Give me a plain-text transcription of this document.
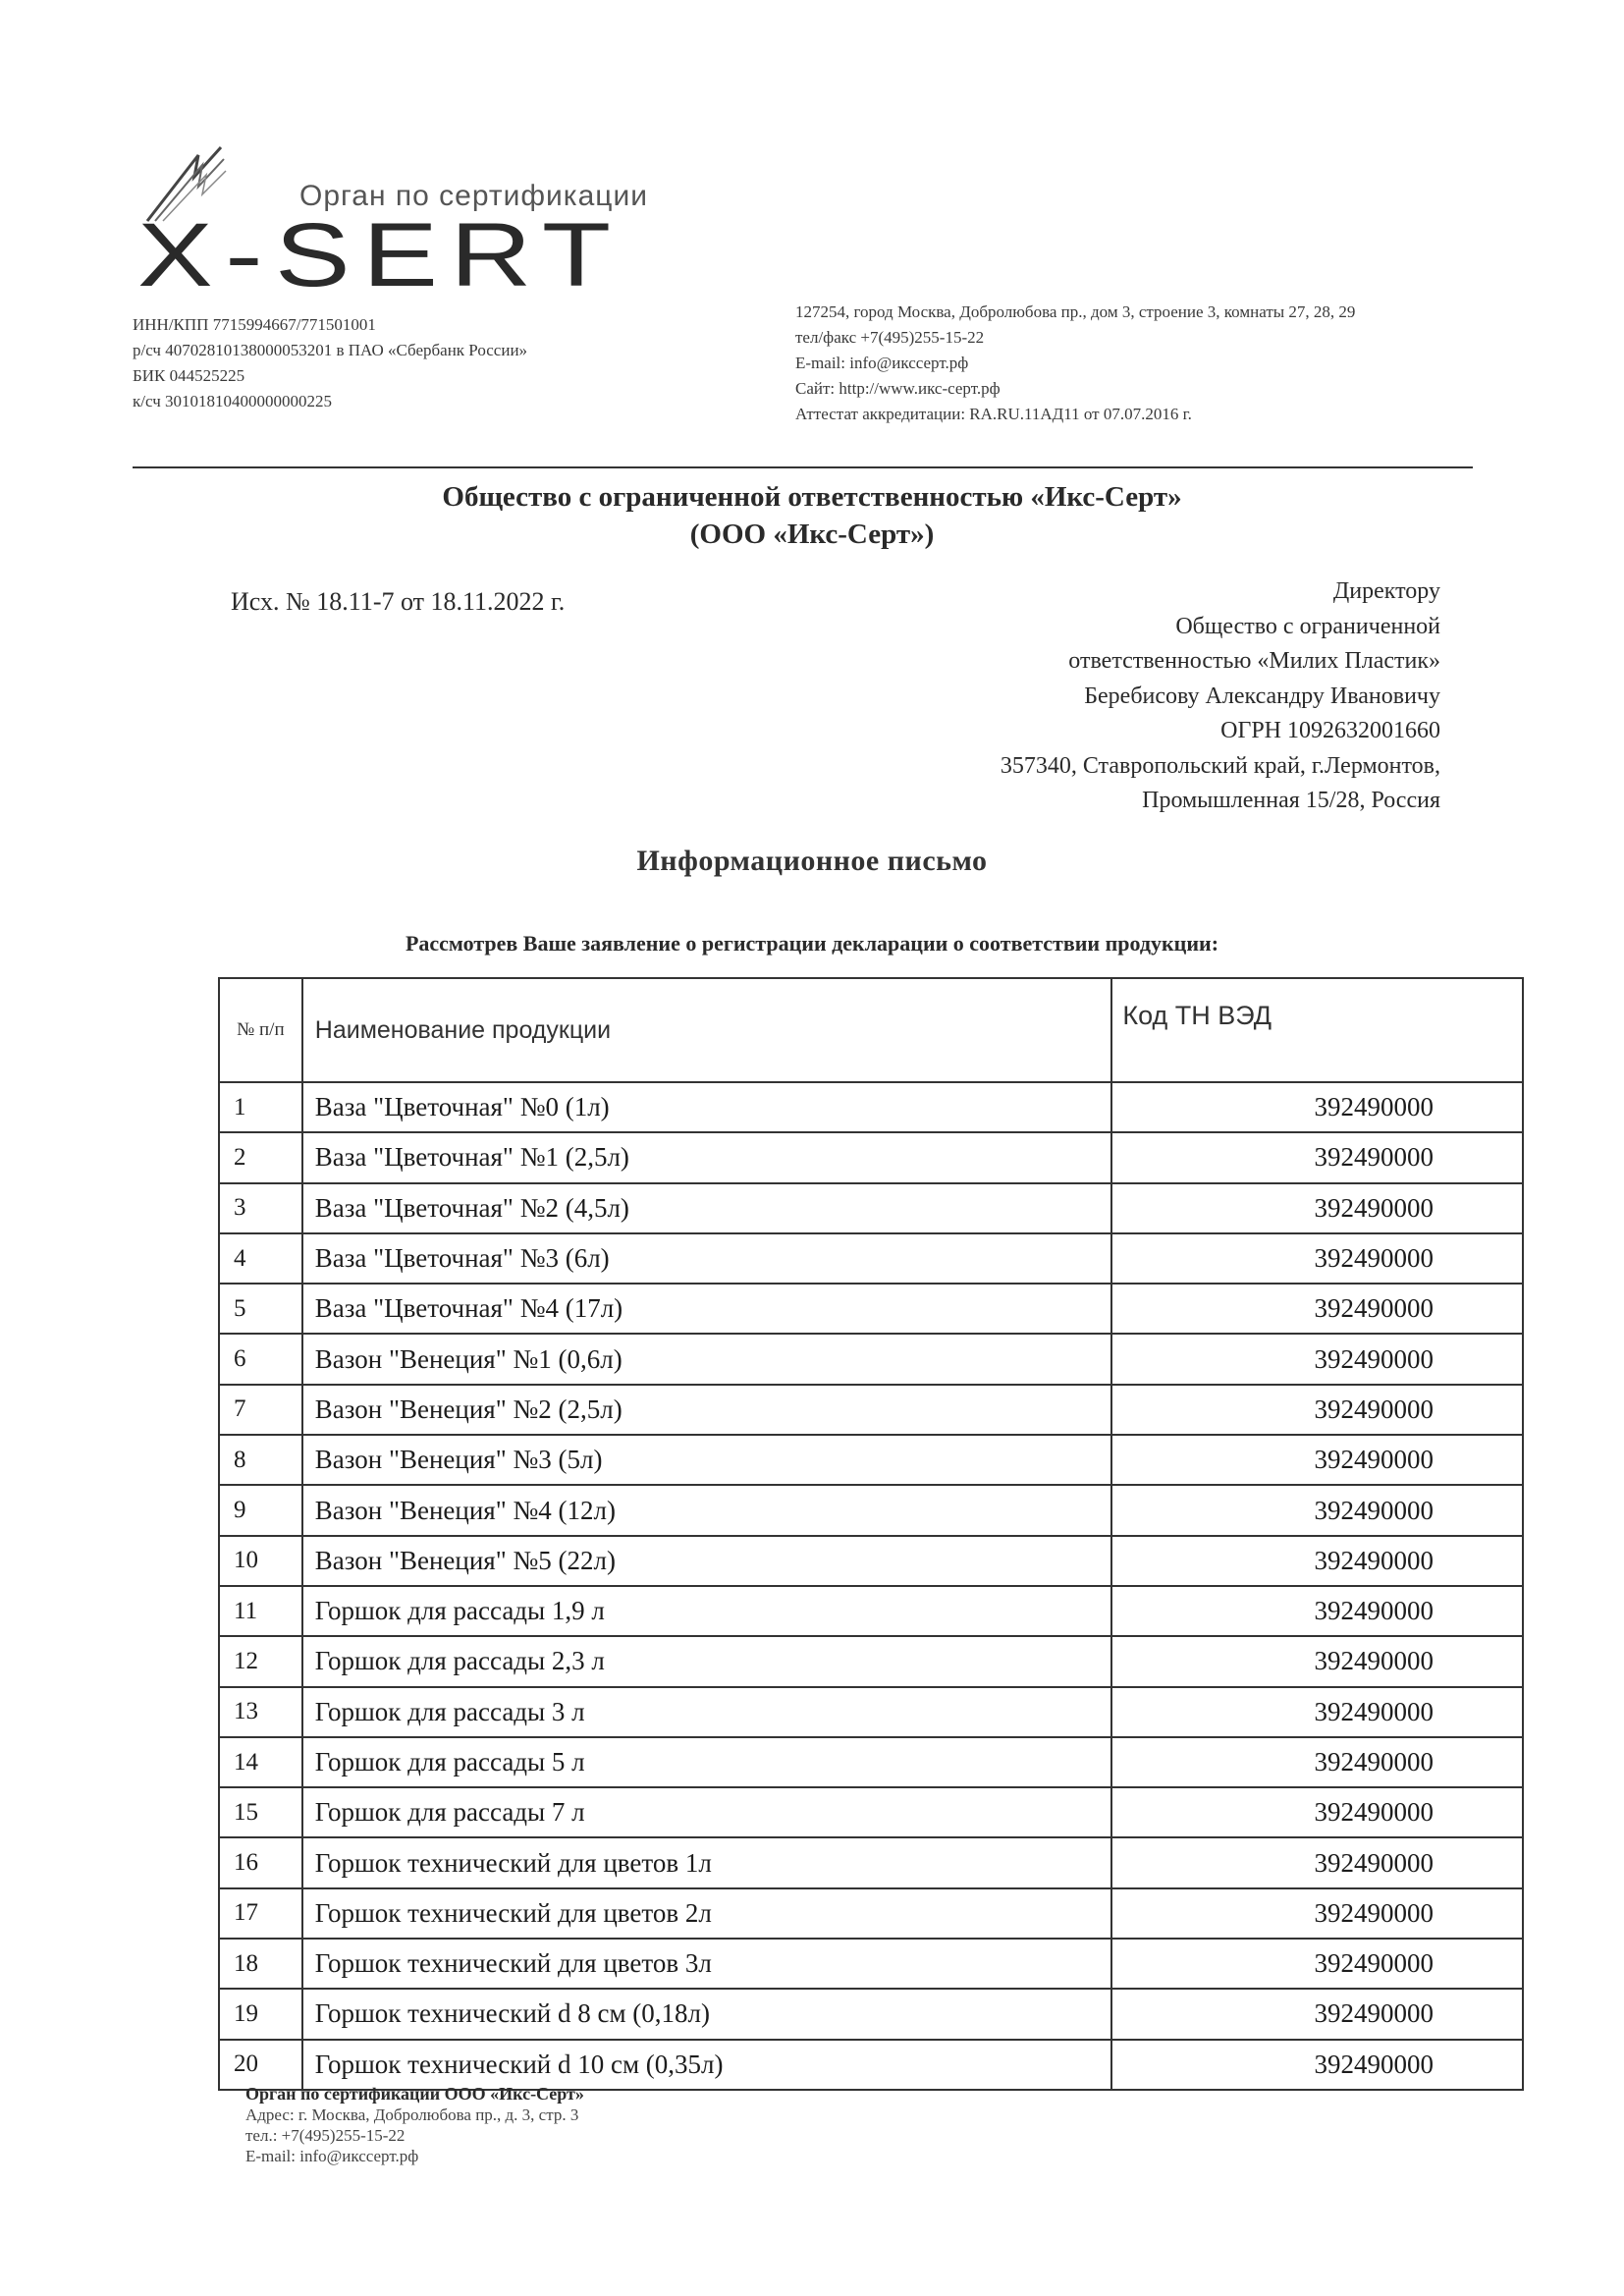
Орган по сертификации
X-SERT
ИНН/КПП 7715994667/771501001
р/сч 40702810138000053201 в ПАО «Сбербанк России»
БИК 044525225
к/сч 30101810400000000225
127254, город Москва, Добролюбова пр., дом 3, строение 3, комнаты 27, 28, 29
тел/факс +7(495)255-15-22
E-mail: info@икссерт.рф
Сайт: http://www.икс-серт.рф
Аттестат аккредитации: RA.RU.11АД11 от 07.07.2016 г.
Общество с ограниченной ответственностью «Икс-Серт»
(ООО «Икс-Серт»)
Исх. № 18.11-7 от 18.11.2022 г.	Директору
Общество с ограниченной
ответственностью «Милих Пластик»
Беребисову Александру Ивановичу
ОГРН 1092632001660
357340, Ставропольский край, г.Лермонтов,
Промышленная 15/28, Россия
Информационное письмо
Рассмотрев Ваше заявление о регистрации декларации о соответствии продукции:
№ п/п	Наименование продукции	Код ТН ВЭД
1	Ваза "Цветочная" №0 (1л)	392490000
2	Ваза "Цветочная" №1 (2,5л)	392490000
3	Ваза "Цветочная" №2 (4,5л)	392490000
4	Ваза "Цветочная" №3 (6л)	392490000
5	Ваза "Цветочная" №4 (17л)	392490000
6	Вазон "Венеция" №1 (0,6л)	392490000
7	Вазон "Венеция" №2 (2,5л)	392490000
8	Вазон "Венеция" №3 (5л)	392490000
9	Вазон "Венеция" №4 (12л)	392490000
10	Вазон "Венеция" №5 (22л)	392490000
11	Горшок для рассады 1,9 л	392490000
12	Горшок для рассады 2,3 л	392490000
13	Горшок для рассады 3 л	392490000
14	Горшок для рассады 5 л	392490000
15	Горшок для рассады 7 л	392490000
16	Горшок технический для цветов 1л	392490000
17	Горшок технический для цветов 2л	392490000
18	Горшок технический для цветов 3л	392490000
19	Горшок технический d 8 см (0,18л)	392490000
20	Горшок технический d 10 см (0,35л)	392490000
Орган по сертификации ООО «Икс-Серт»
Адрес: г. Москва, Добролюбова пр., д. 3, стр. 3
тел.: +7(495)255-15-22
E-mail: info@икссерт.рф
